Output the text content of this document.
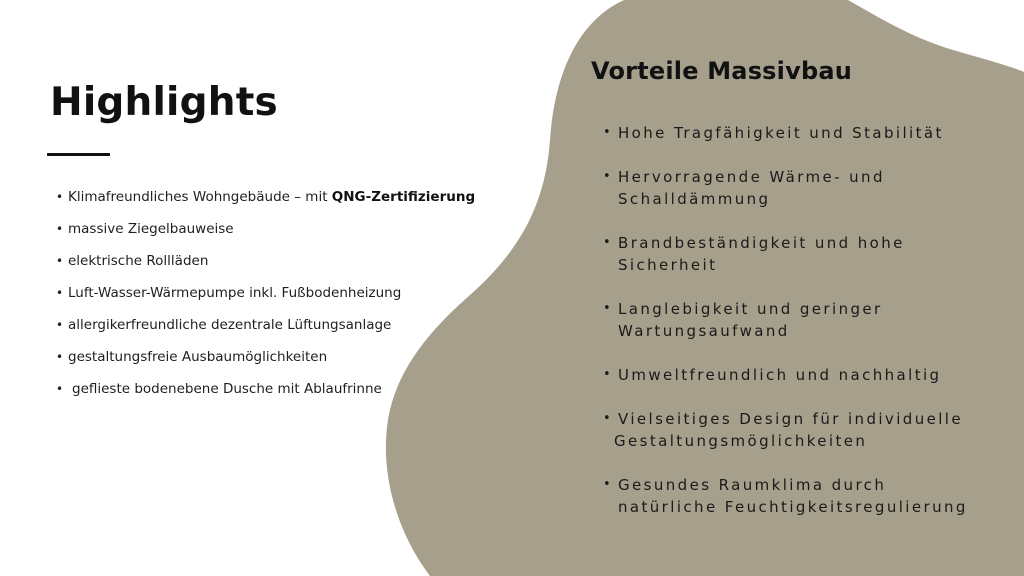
Highlights
• Klimafreundliches Wohngebäude – mit QNG-Zertifizierung
• massive Ziegelbauweise
• elektrische Rollläden
• Luft-Wasser-Wärmepumpe inkl. Fußbodenheizung
• allergikerfreundliche dezentrale Lüftungsanlage
• gestaltungsfreie Ausbaumöglichkeiten
• geflieste bodenebene Dusche mit Ablaufrinne
Vorteile Massivbau
• Hohe Tragfähigkeit und Stabilität
• Hervorragende Wärme- und
Schalldämmung
• Brandbeständigkeit und hohe
Sicherheit
• Langlebigkeit und geringer
Wartungsaufwand
• Umweltfreundlich und nachhaltig
• Vielseitiges Design für individuelle
Gestaltungsmöglichkeiten
• Gesundes Raumklima durch
natürliche Feuchtigkeitsregulierung
